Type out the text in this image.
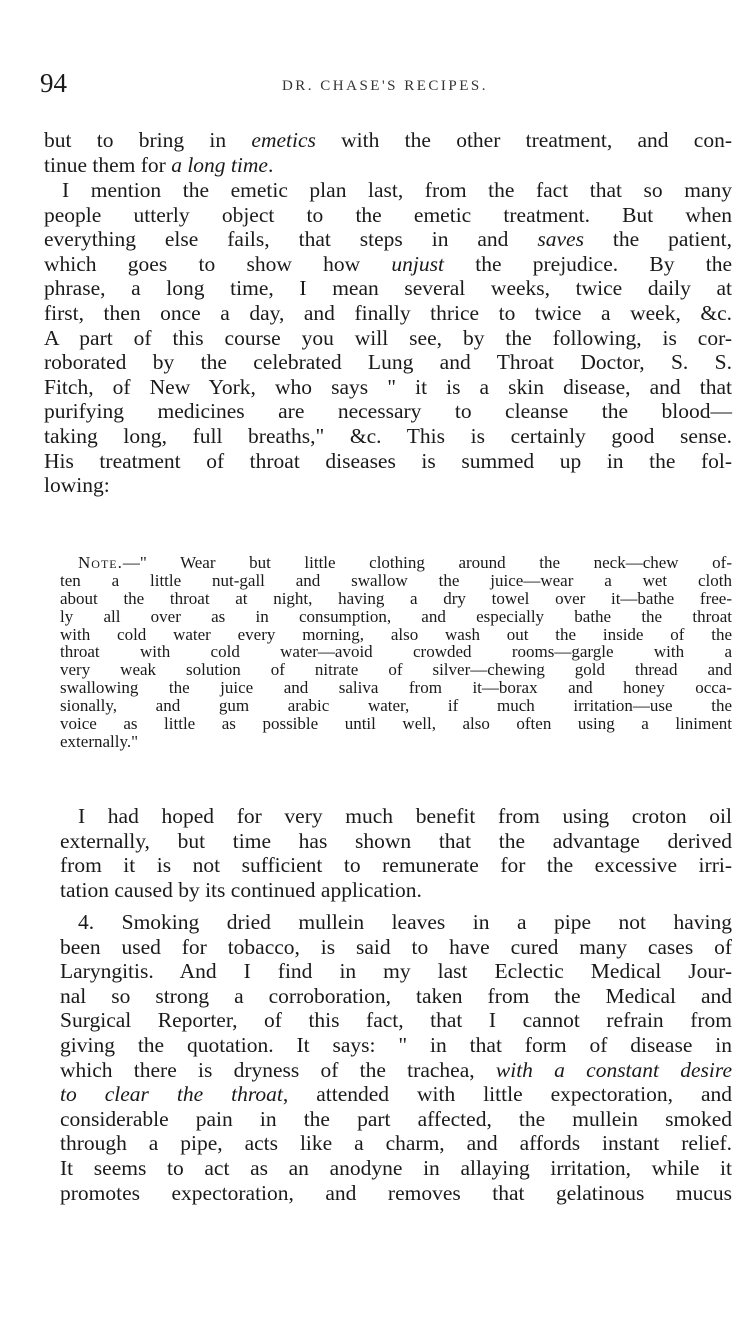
94	DR. CHASE'S RECIPES.
but to bring in emetics with the other treatment, and con-
tinue them for a long time.
I mention the emetic plan last, from the fact that so many
people utterly object to the emetic treatment. But when
everything else fails, that steps in and saves the patient,
which goes to show how unjust the prejudice. By the
phrase, a long time, I mean several weeks, twice daily at
first, then once a day, and finally thrice to twice a week, &c.
A part of this course you will see, by the following, is cor-
roborated by the celebrated Lung and Throat Doctor, S. S.
Fitch, of New York, who says " it is a skin disease, and that
purifying medicines are necessary to cleanse the blood—
taking long, full breaths," &c. This is certainly good sense.
His treatment of throat diseases is summed up in the fol-
lowing:
Note.—" Wear but little clothing around the neck—chew of-
ten a little nut-gall and swallow the juice—wear a wet cloth
about the throat at night, having a dry towel over it—bathe free-
ly all over as in consumption, and especially bathe the throat
with cold water every morning, also wash out the inside of the
throat with cold water—avoid crowded rooms—gargle with a
very weak solution of nitrate of silver—chewing gold thread and
swallowing the juice and saliva from it—borax and honey occa-
sionally, and gum arabic water, if much irritation—use the
voice as little as possible until well, also often using a liniment
externally."
I had hoped for very much benefit from using croton oil
externally, but time has shown that the advantage derived
from it is not sufficient to remunerate for the excessive irri-
tation caused by its continued application.
4. Smoking dried mullein leaves in a pipe not having
been used for tobacco, is said to have cured many cases of
Laryngitis. And I find in my last Eclectic Medical Jour-
nal so strong a corroboration, taken from the Medical and
Surgical Reporter, of this fact, that I cannot refrain from
giving the quotation. It says: " in that form of disease in
which there is dryness of the trachea, with a constant desire
to clear the throat, attended with little expectoration, and
considerable pain in the part affected, the mullein smoked
through a pipe, acts like a charm, and affords instant relief.
It seems to act as an anodyne in allaying irritation, while it
promotes expectoration, and removes that gelatinous mucus
